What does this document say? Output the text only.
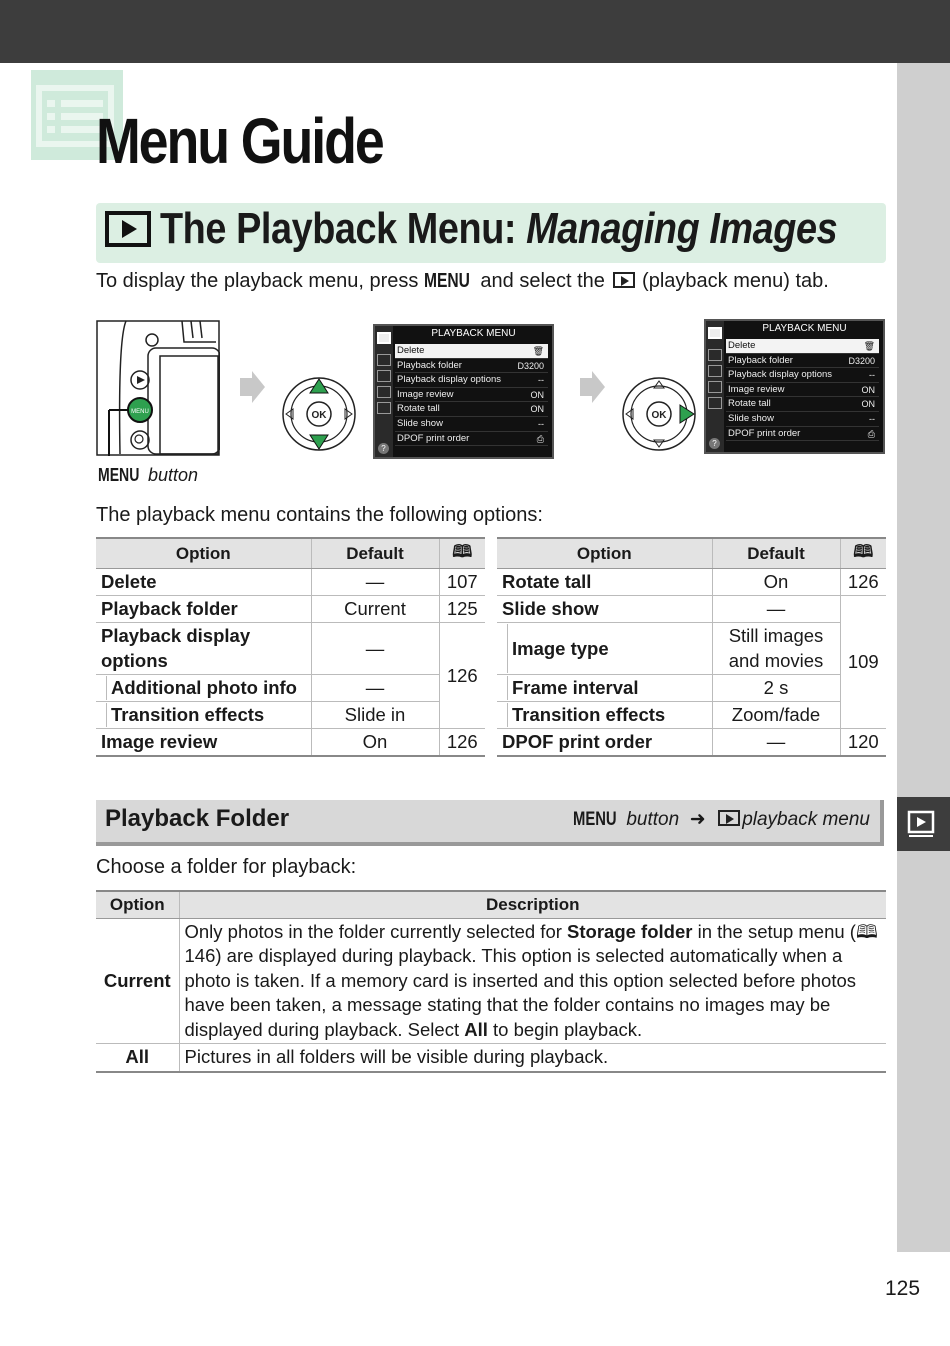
Menu Guide
The Playback Menu: Managing Images
To display the playback menu, press MENU and select the  (playback menu) tab.
MENU
MENU button
OK
?
PLAYBACK MENU
Delete	🗑
Playback folder	D3200
Playback display options	--
Image review	ON
Rotate tall	ON
Slide show	--
DPOF print order	⎙
OK
?
PLAYBACK MENU
Delete	🗑
Playback folder	D3200
Playback display options	--
Image review	ON
Rotate tall	ON
Slide show	--
DPOF print order	⎙
The playback menu contains the following options:
Option	Default	🕮
Delete	—	107
Playback folder	Current	125
Playback display options	—	126

Additional photo info	—	

Transition effects	Slide in	
Image review	On	126
Option	Default	🕮
Rotate tall	On	126
Slide show	—	109

Image type	Still images and movies	

Frame interval	2 s	

Transition effects	Zoom/fade	
DPOF print order	—	120
Playback Folder	MENU button ➜ playback menu
Choose a folder for playback:
Option	Description
Current	Only photos in the folder currently selected for Storage folder in the setup menu (🕮 146) are displayed during playback. This option is selected automatically when a photo is taken. If a memory card is inserted and this option selected before photos have been taken, a message stating that the folder contains no images may be displayed during playback. Select All to begin playback.
All	Pictures in all folders will be visible during playback.
125
